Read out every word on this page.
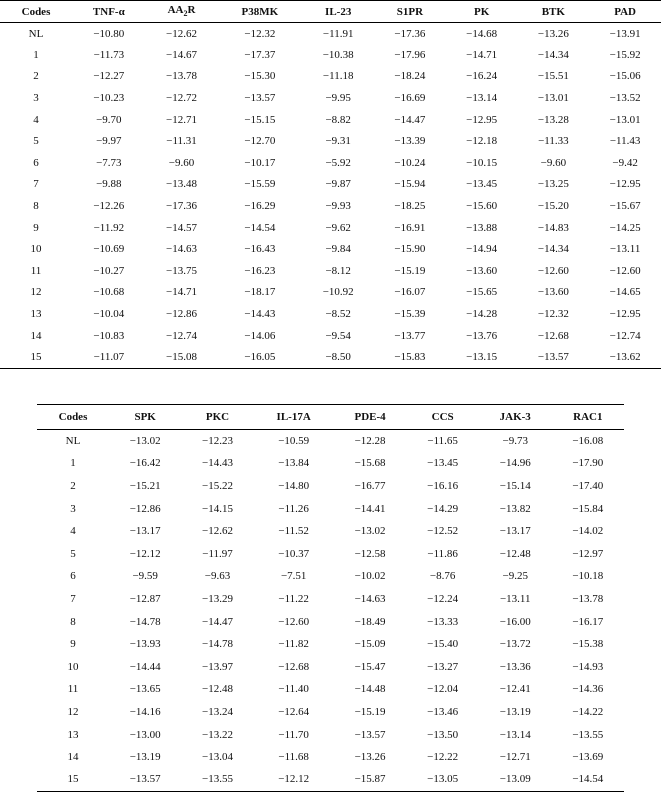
Codes	TNF-α	$AA_2R$	P38MK	IL-23	S1PR	PK	BTK	PAD
NL	−10.80	−12.62	−12.32	−11.91	−17.36	−14.68	−13.26	−13.91
1	−11.73	−14.67	−17.37	−10.38	−17.96	−14.71	−14.34	−15.92
2	−12.27	−13.78	−15.30	−11.18	−18.24	−16.24	−15.51	−15.06
3	−10.23	−12.72	−13.57	−9.95	−16.69	−13.14	−13.01	−13.52
4	−9.70	−12.71	−15.15	−8.82	−14.47	−12.95	−13.28	−13.01
5	−9.97	−11.31	−12.70	−9.31	−13.39	−12.18	−11.33	−11.43
6	−7.73	−9.60	−10.17	−5.92	−10.24	−10.15	−9.60	−9.42
7	−9.88	−13.48	−15.59	−9.87	−15.94	−13.45	−13.25	−12.95
8	−12.26	−17.36	−16.29	−9.93	−18.25	−15.60	−15.20	−15.67
9	−11.92	−14.57	−14.54	−9.62	−16.91	−13.88	−14.83	−14.25
10	−10.69	−14.63	−16.43	−9.84	−15.90	−14.94	−14.34	−13.11
11	−10.27	−13.75	−16.23	−8.12	−15.19	−13.60	−12.60	−12.60
12	−10.68	−14.71	−18.17	−10.92	−16.07	−15.65	−13.60	−14.65
13	−10.04	−12.86	−14.43	−8.52	−15.39	−14.28	−12.32	−12.95
14	−10.83	−12.74	−14.06	−9.54	−13.77	−13.76	−12.68	−12.74
15	−11.07	−15.08	−16.05	−8.50	−15.83	−13.15	−13.57	−13.62
Codes	SPK	PKC	IL-17A	PDE-4	CCS	JAK-3	RAC1
NL	−13.02	−12.23	−10.59	−12.28	−11.65	−9.73	−16.08
1	−16.42	−14.43	−13.84	−15.68	−13.45	−14.96	−17.90
2	−15.21	−15.22	−14.80	−16.77	−16.16	−15.14	−17.40
3	−12.86	−14.15	−11.26	−14.41	−14.29	−13.82	−15.84
4	−13.17	−12.62	−11.52	−13.02	−12.52	−13.17	−14.02
5	−12.12	−11.97	−10.37	−12.58	−11.86	−12.48	−12.97
6	−9.59	−9.63	−7.51	−10.02	−8.76	−9.25	−10.18
7	−12.87	−13.29	−11.22	−14.63	−12.24	−13.11	−13.78
8	−14.78	−14.47	−12.60	−18.49	−13.33	−16.00	−16.17
9	−13.93	−14.78	−11.82	−15.09	−15.40	−13.72	−15.38
10	−14.44	−13.97	−12.68	−15.47	−13.27	−13.36	−14.93
11	−13.65	−12.48	−11.40	−14.48	−12.04	−12.41	−14.36
12	−14.16	−13.24	−12.64	−15.19	−13.46	−13.19	−14.22
13	−13.00	−13.22	−11.70	−13.57	−13.50	−13.14	−13.55
14	−13.19	−13.04	−11.68	−13.26	−12.22	−12.71	−13.69
15	−13.57	−13.55	−12.12	−15.87	−13.05	−13.09	−14.54
